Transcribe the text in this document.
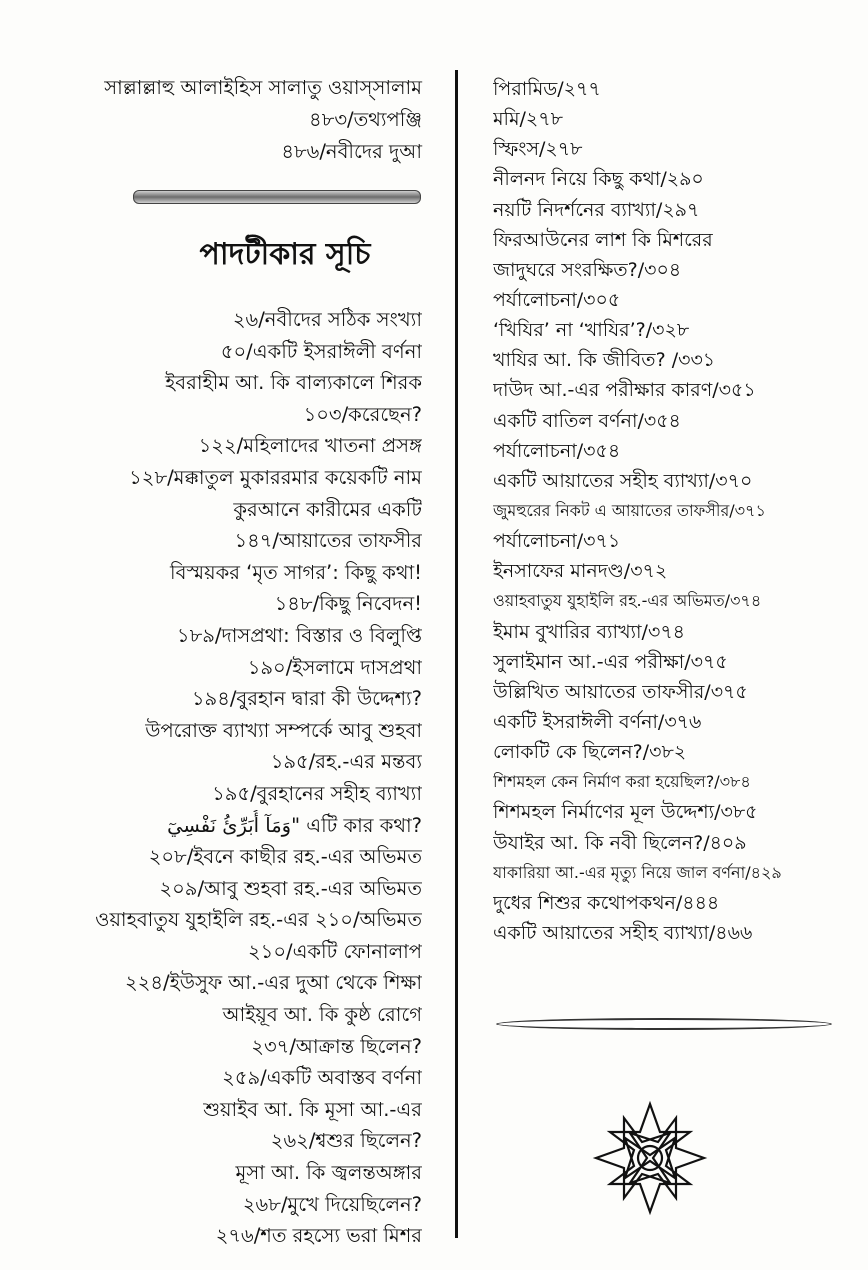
সাল্লাল্লাহু আলাইহিস সালাতু ওয়াস্সালাম
৪৮৩/তথ্যপঞ্জি
৪৮৬/নবীদের দুআ
পাদটীকার সূচি
২৬/নবীদের সঠিক সংখ্যা
৫০/একটি ইসরাঈলী বর্ণনা
ইবরাহীম আ. কি বাল্যকালে শিরক
১০৩/করেছেন?
১২২/মহিলাদের খাতনা প্রসঙ্গ
১২৮/মক্কাতুল মুকাররমার কয়েকটি নাম
কুরআনে কারীমের একটি
১৪৭/আয়াতের তাফসীর
বিস্ময়কর ‘মৃত সাগর’: কিছু কথা!
১৪৮/কিছু নিবেদন!
১৮৯/দাসপ্রথা: বিস্তার ও বিলুপ্তি
১৯০/ইসলামে দাসপ্রথা
১৯৪/বুরহান দ্বারা কী উদ্দেশ্য?
উপরোক্ত ব্যাখ্যা সম্পর্কে আবু শুহবা
১৯৫/রহ.-এর মন্তব্য
১৯৫/বুরহানের সহীহ ব্যাখ্যা
وَمَآ أُبَرِّئُ نَفْسِيٓ" এটি কার কথা?
২০৮/ইবনে কাছীর রহ.-এর অভিমত
২০৯/আবু শুহবা রহ.-এর অভিমত
ওয়াহবাতুয যুহাইলি রহ.-এর ২১০/অভিমত
২১০/একটি ফোনালাপ
২২৪/ইউসুফ আ.-এর দুআ থেকে শিক্ষা
আইয়ূব আ. কি কুষ্ঠ রোগে
২৩৭/আক্রান্ত ছিলেন?
২৫৯/একটি অবাস্তব বর্ণনা
শুয়াইব আ. কি মূসা আ.-এর
২৬২/শ্বশুর ছিলেন?
মূসা আ. কি জ্বলন্তঅঙ্গার
২৬৮/মুখে দিয়েছিলেন?
২৭৬/শত রহস্যে ভরা মিশর
পিরামিড/২৭৭
মমি/২৭৮
স্ফিংস/২৭৮
নীলনদ নিয়ে কিছু কথা/২৯০
নয়টি নিদর্শনের ব্যাখ্যা/২৯৭
ফিরআউনের লাশ কি মিশরের
জাদুঘরে সংরক্ষিত?/৩০৪
পর্যালোচনা/৩০৫
‘খিযির’ না ‘খাযির’?/৩২৮
খাযির আ. কি জীবিত? /৩৩১
দাউদ আ.-এর পরীক্ষার কারণ/৩৫১
একটি বাতিল বর্ণনা/৩৫৪
পর্যালোচনা/৩৫৪
একটি আয়াতের সহীহ ব্যাখ্যা/৩৭০
জুমহুরের নিকট এ আয়াতের তাফসীর/৩৭১
পর্যালোচনা/৩৭১
ইনসাফের মানদণ্ড/৩৭২
ওয়াহবাতুয যুহাইলি রহ.-এর অভিমত/৩৭৪
ইমাম বুখারির ব্যাখ্যা/৩৭৪
সুলাইমান আ.-এর পরীক্ষা/৩৭৫
উল্লিখিত আয়াতের তাফসীর/৩৭৫
একটি ইসরাঈলী বর্ণনা/৩৭৬
লোকটি কে ছিলেন?/৩৮২
শিশমহল কেন নির্মাণ করা হয়েছিল?/৩৮৪
শিশমহল নির্মাণের মূল উদ্দেশ্য/৩৮৫
উযাইর আ. কি নবী ছিলেন?/৪০৯
যাকারিয়া আ.-এর মৃত্যু নিয়ে জাল বর্ণনা/৪২৯
দুধের শিশুর কথোপকথন/৪৪৪
একটি আয়াতের সহীহ ব্যাখ্যা/৪৬৬
